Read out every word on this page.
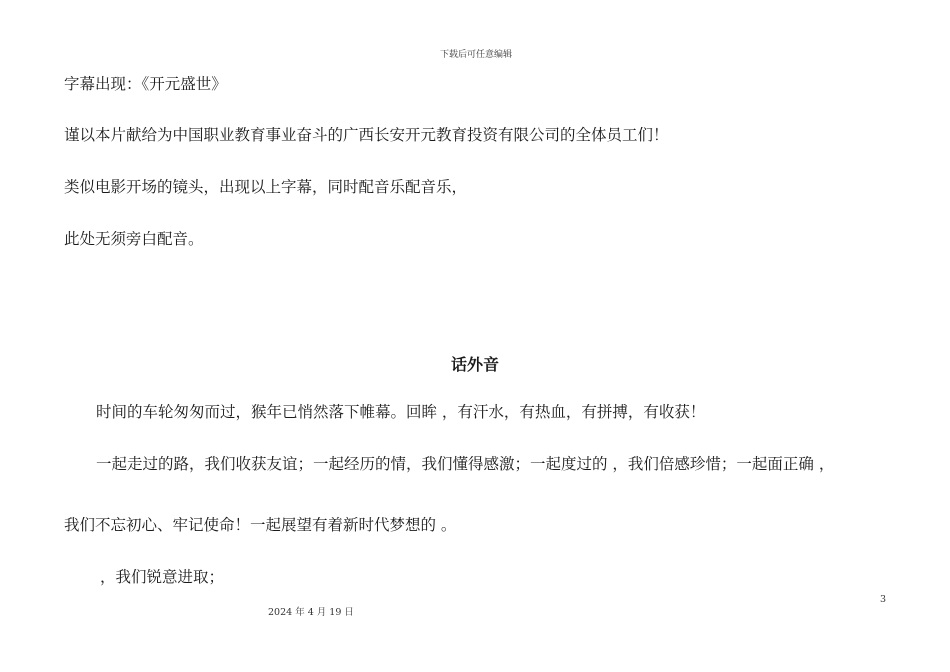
下载后可任意编辑
字幕出现：《开元盛世》
谨以本片献给为中国职业教育事业奋斗的广西长安开元教育投资有限公司的全体员工们！
类似电影开场的镜头，出现以上字幕，同时配音乐配音乐，
此处无须旁白配音。
话外音
时间的车轮匆匆而过，猴年已悄然落下帷幕。回眸 ，有汗水，有热血，有拼搏，有收获！
一起走过的路，我们收获友谊；一起经历的情，我们懂得感激；一起度过的 ，我们倍感珍惜；一起面正确 ，
我们不忘初心、牢记使命！一起展望有着新时代梦想的 。
，我们锐意进取；
2024 年 4 月 19 日
3
